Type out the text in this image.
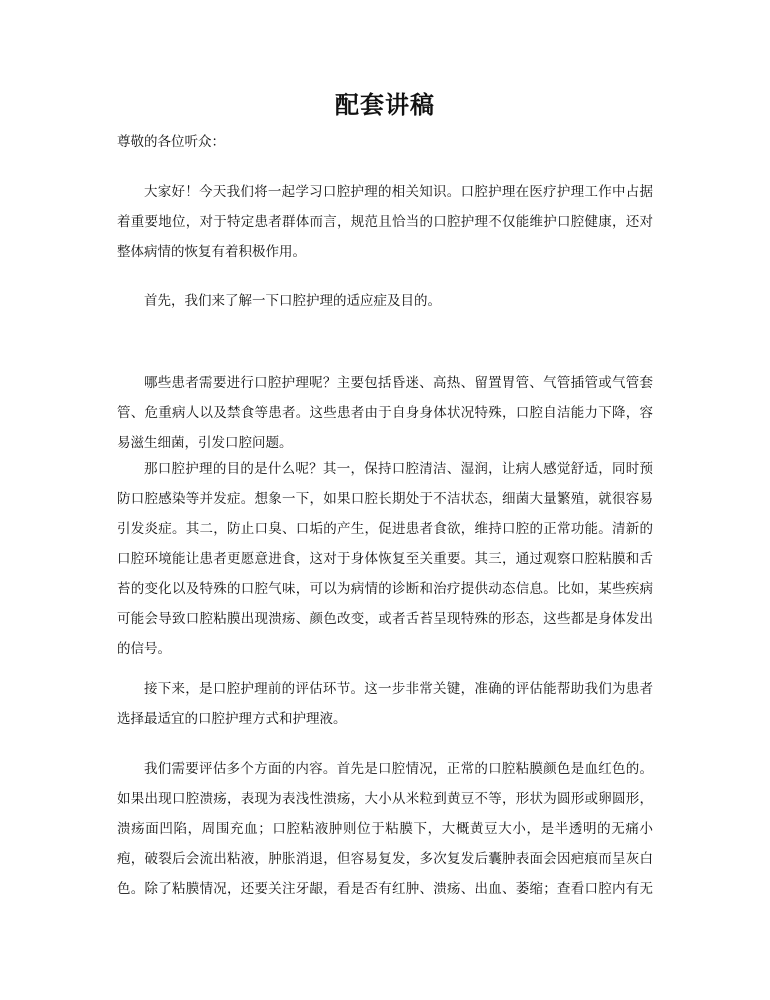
配套讲稿
尊敬的各位听众：
大家好！今天我们将一起学习口腔护理的相关知识。口腔护理在医疗护理工作中占据
着重要地位，对于特定患者群体而言，规范且恰当的口腔护理不仅能维护口腔健康，还对
整体病情的恢复有着积极作用。
首先，我们来了解一下口腔护理的适应症及目的。
哪些患者需要进行口腔护理呢？主要包括昏迷、高热、留置胃管、气管插管或气管套
管、危重病人以及禁食等患者。这些患者由于自身身体状况特殊，口腔自洁能力下降，容
易滋生细菌，引发口腔问题。
那口腔护理的目的是什么呢？其一，保持口腔清洁、湿润，让病人感觉舒适，同时预
防口腔感染等并发症。想象一下，如果口腔长期处于不洁状态，细菌大量繁殖，就很容易
引发炎症。其二，防止口臭、口垢的产生，促进患者食欲，维持口腔的正常功能。清新的
口腔环境能让患者更愿意进食，这对于身体恢复至关重要。其三，通过观察口腔粘膜和舌
苔的变化以及特殊的口腔气味，可以为病情的诊断和治疗提供动态信息。比如，某些疾病
可能会导致口腔粘膜出现溃疡、颜色改变，或者舌苔呈现特殊的形态，这些都是身体发出
的信号。
接下来，是口腔护理前的评估环节。这一步非常关键，准确的评估能帮助我们为患者
选择最适宜的口腔护理方式和护理液。
我们需要评估多个方面的内容。首先是口腔情况，正常的口腔粘膜颜色是血红色的。
如果出现口腔溃疡，表现为表浅性溃疡，大小从米粒到黄豆不等，形状为圆形或卵圆形，
溃疡面凹陷，周围充血；口腔粘液肿则位于粘膜下，大概黄豆大小，是半透明的无痛小
疱，破裂后会流出粘液，肿胀消退，但容易复发，多次复发后囊肿表面会因疤痕而呈灰白
色。除了粘膜情况，还要关注牙龈，看是否有红肿、溃疡、出血、萎缩；查看口腔内有无
